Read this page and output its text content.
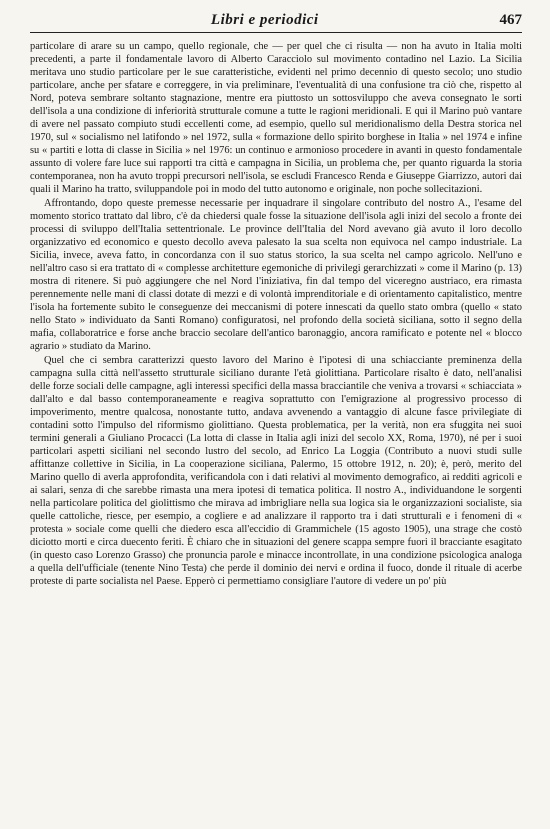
Libri e periodici	467

particolare di arare su un campo, quello regionale, che — per quel che ci risulta — non ha avuto in Italia molti precedenti, a parte il fondamentale lavoro di Alberto Caracciolo sul movimento contadino nel Lazio. La Sicilia meritava uno studio particolare per le sue caratteristiche, evidenti nel primo decennio di questo secolo; uno studio particolare, anche per sfatare e correggere, in via preliminare, l'eventualità di una confusione tra ciò che, rispetto al Nord, poteva sembrare soltanto stagnazione, mentre era piuttosto un sottosviluppo che aveva consegnato le sorti dell'isola a una condizione di inferiorità strutturale comune a tutte le ragioni meridionali. E qui il Marino può vantare di avere nel passato compiuto studi eccellenti come, ad esempio, quello sul meridionalismo della Destra storica nel 1970, sul « socialismo nel latifondo » nel 1972, sulla « formazione dello spirito borghese in Italia » nel 1974 e infine su « partiti e lotta di classe in Sicilia » nel 1976: un continuo e armonioso procedere in avanti in questo fondamentale assunto di volere fare luce sui rapporti tra città e campagna in Sicilia, un problema che, per quanto riguarda la storia contemporanea, non ha avuto troppi precursori nell'isola, se escludi Francesco Renda e Giuseppe Giarrizzo, autori dai quali il Marino ha tratto, sviluppandole poi in modo del tutto autonomo e originale, non poche sollecitazioni.

Affrontando, dopo queste premesse necessarie per inquadrare il singolare contributo del nostro A., l'esame del momento storico trattato dal libro, c'è da chiedersi quale fosse la situazione dell'isola agli inizi del secolo a fronte dei processi di sviluppo dell'Italia settentrionale. Le province dell'Italia del Nord avevano già avuto il loro decollo organizzativo ed economico e questo decollo aveva palesato la sua scelta non equivoca nel campo industriale. La Sicilia, invece, aveva fatto, in concordanza con il suo status storico, la sua scelta nel campo agricolo. Nell'uno e nell'altro caso si era trattato di « complesse architetture egemoniche di privilegi gerarchizzati » come il Marino (p. 13) mostra di ritenere. Si può aggiungere che nel Nord l'iniziativa, fin dal tempo del viceregno austriaco, era rimasta perennemente nelle mani di classi dotate di mezzi e di volontà imprenditoriale e di orientamento capitalistico, mentre l'isola ha fortemente subito le conseguenze dei meccanismi di potere innescati da quello stato ombra (quello « stato nello Stato » individuato da Santi Romano) configuratosi, nel profondo della società siciliana, sotto il segno della mafia, collaboratrice e forse anche braccio secolare dell'antico baronaggio, ancora ramificato e potente nel « blocco agrario » studiato da Marino.

Quel che ci sembra caratterizzi questo lavoro del Marino è l'ipotesi di una schiacciante preminenza della campagna sulla città nell'assetto strutturale siciliano durante l'età giolittiana. Particolare risalto è dato, nell'analisi delle forze sociali delle campagne, agli interessi specifici della massa bracciantile che veniva a trovarsi « schiacciata » dall'alto e dal basso contemporaneamente e reagiva soprattutto con l'emigrazione al progressivo processo di impoverimento, mentre qualcosa, nonostante tutto, andava avvenendo a vantaggio di alcune fasce privilegiate di contadini sotto l'impulso del riformismo giolittiano. Questa problematica, per la verità, non era sfuggita nei suoi termini generali a Giuliano Procacci (La lotta di classe in Italia agli inizi del secolo XX, Roma, 1970), né per i suoi particolari aspetti siciliani nel secondo lustro del secolo, ad Enrico La Loggia (Contributo a nuovi studi sulle affittanze collettive in Sicilia, in La cooperazione siciliana, Palermo, 15 ottobre 1912, n. 20); è, però, merito del Marino quello di averla approfondita, verificandola con i dati relativi al movimento demografico, ai redditi agricoli e ai salari, senza di che sarebbe rimasta una mera ipotesi di tematica politica. Il nostro A., individuandone le sorgenti nella particolare politica del giolittismo che mirava ad imbrigliare nella sua logica sia le organizzazioni socialiste, sia quelle cattoliche, riesce, per esempio, a cogliere e ad analizzare il rapporto tra i dati strutturali e i fenomeni di « protesta » sociale come quelli che diedero esca all'eccidio di Grammichele (15 agosto 1905), una strage che costò diciotto morti e circa duecento feriti. È chiaro che in situazioni del genere scappa sempre fuori il bracciante esagitato (in questo caso Lorenzo Grasso) che pronuncia parole e minacce incontrollate, in una condizione psicologica analoga a quella dell'ufficiale (tenente Nino Testa) che perde il dominio dei nervi e ordina il fuoco, donde il rituale di acerbe proteste di parte socialista nel Paese. Epperò ci permettiamo consigliare l'autore di vedere un po' più
